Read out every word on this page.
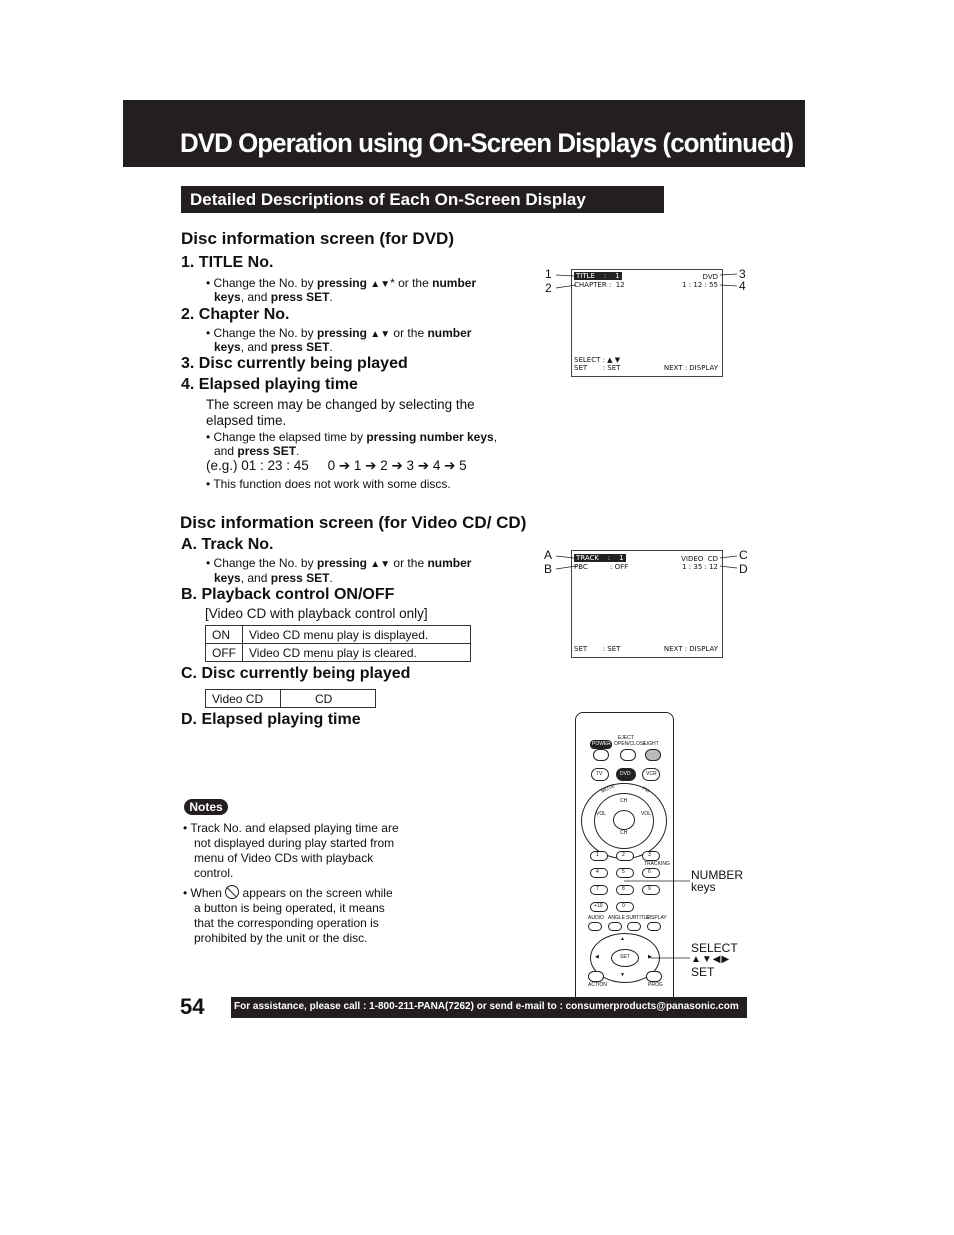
DVD Operation using On-Screen Displays (continued)
Detailed Descriptions of Each On-Screen Display
Disc information screen (for DVD)
1. TITLE No.
• Change the No. by pressing ▲▼* or the number
keys, and press SET.
2. Chapter No.
• Change the No. by pressing ▲▼ or the number
keys, and press SET.
3. Disc currently being played
4. Elapsed playing time
The screen may be changed by selecting the
elapsed time.
• Change the elapsed time by pressing number keys,
and press SET.
(e.g.) 01 : 23 : 45     0 ➔ 1 ➔ 2 ➔ 3 ➔ 4 ➔ 5
• This function does not work with some discs.
TITLE    :    1
CHAPTER :  12
DVD
1 : 12 : 55
SELECT : ▲ ▼
SET       : SET	NEXT : DISPLAY
1
2
3
4
Disc information screen (for Video CD/ CD)
A. Track No.
• Change the No. by pressing ▲▼ or the number
keys, and press SET.
B. Playback control ON/OFF
[Video CD with playback control only]
ON	Video CD menu play is displayed.
OFF	Video CD menu play is cleared.
C. Disc currently being played
Video CD	CD
D. Elapsed playing time
TRACK    :    1
PBC          : OFF
VIDEO  CD
1 : 35 : 12
SET       : SET	NEXT : DISPLAY
A
B
C
D
Notes
• Track No. and elapsed playing time are
not displayed during play started from
menu of Video CDs with playback
control.
• When
appears on the screen while
a button is being operated, it means
that the corresponding operation is
prohibited by the unit or the disc.
EJECT
OPEN/CLOSE
LIGHT
POWER
TV	DVD	VCR
MUTE	FM
CH
CH
VOL	VOL
1	2	3
TRACKING
4	5	6
7	8	9
+10	0
AUDIO ANGLE SUBTITLE
DISPLAY
SET
▲
▼
◀	▶
ACTION	PROG
NUMBER
keys
SELECT
▲▼◀▶
SET
54	For assistance, please call : 1-800-211-PANA(7262) or send e-mail to : consumerproducts@panasonic.com
